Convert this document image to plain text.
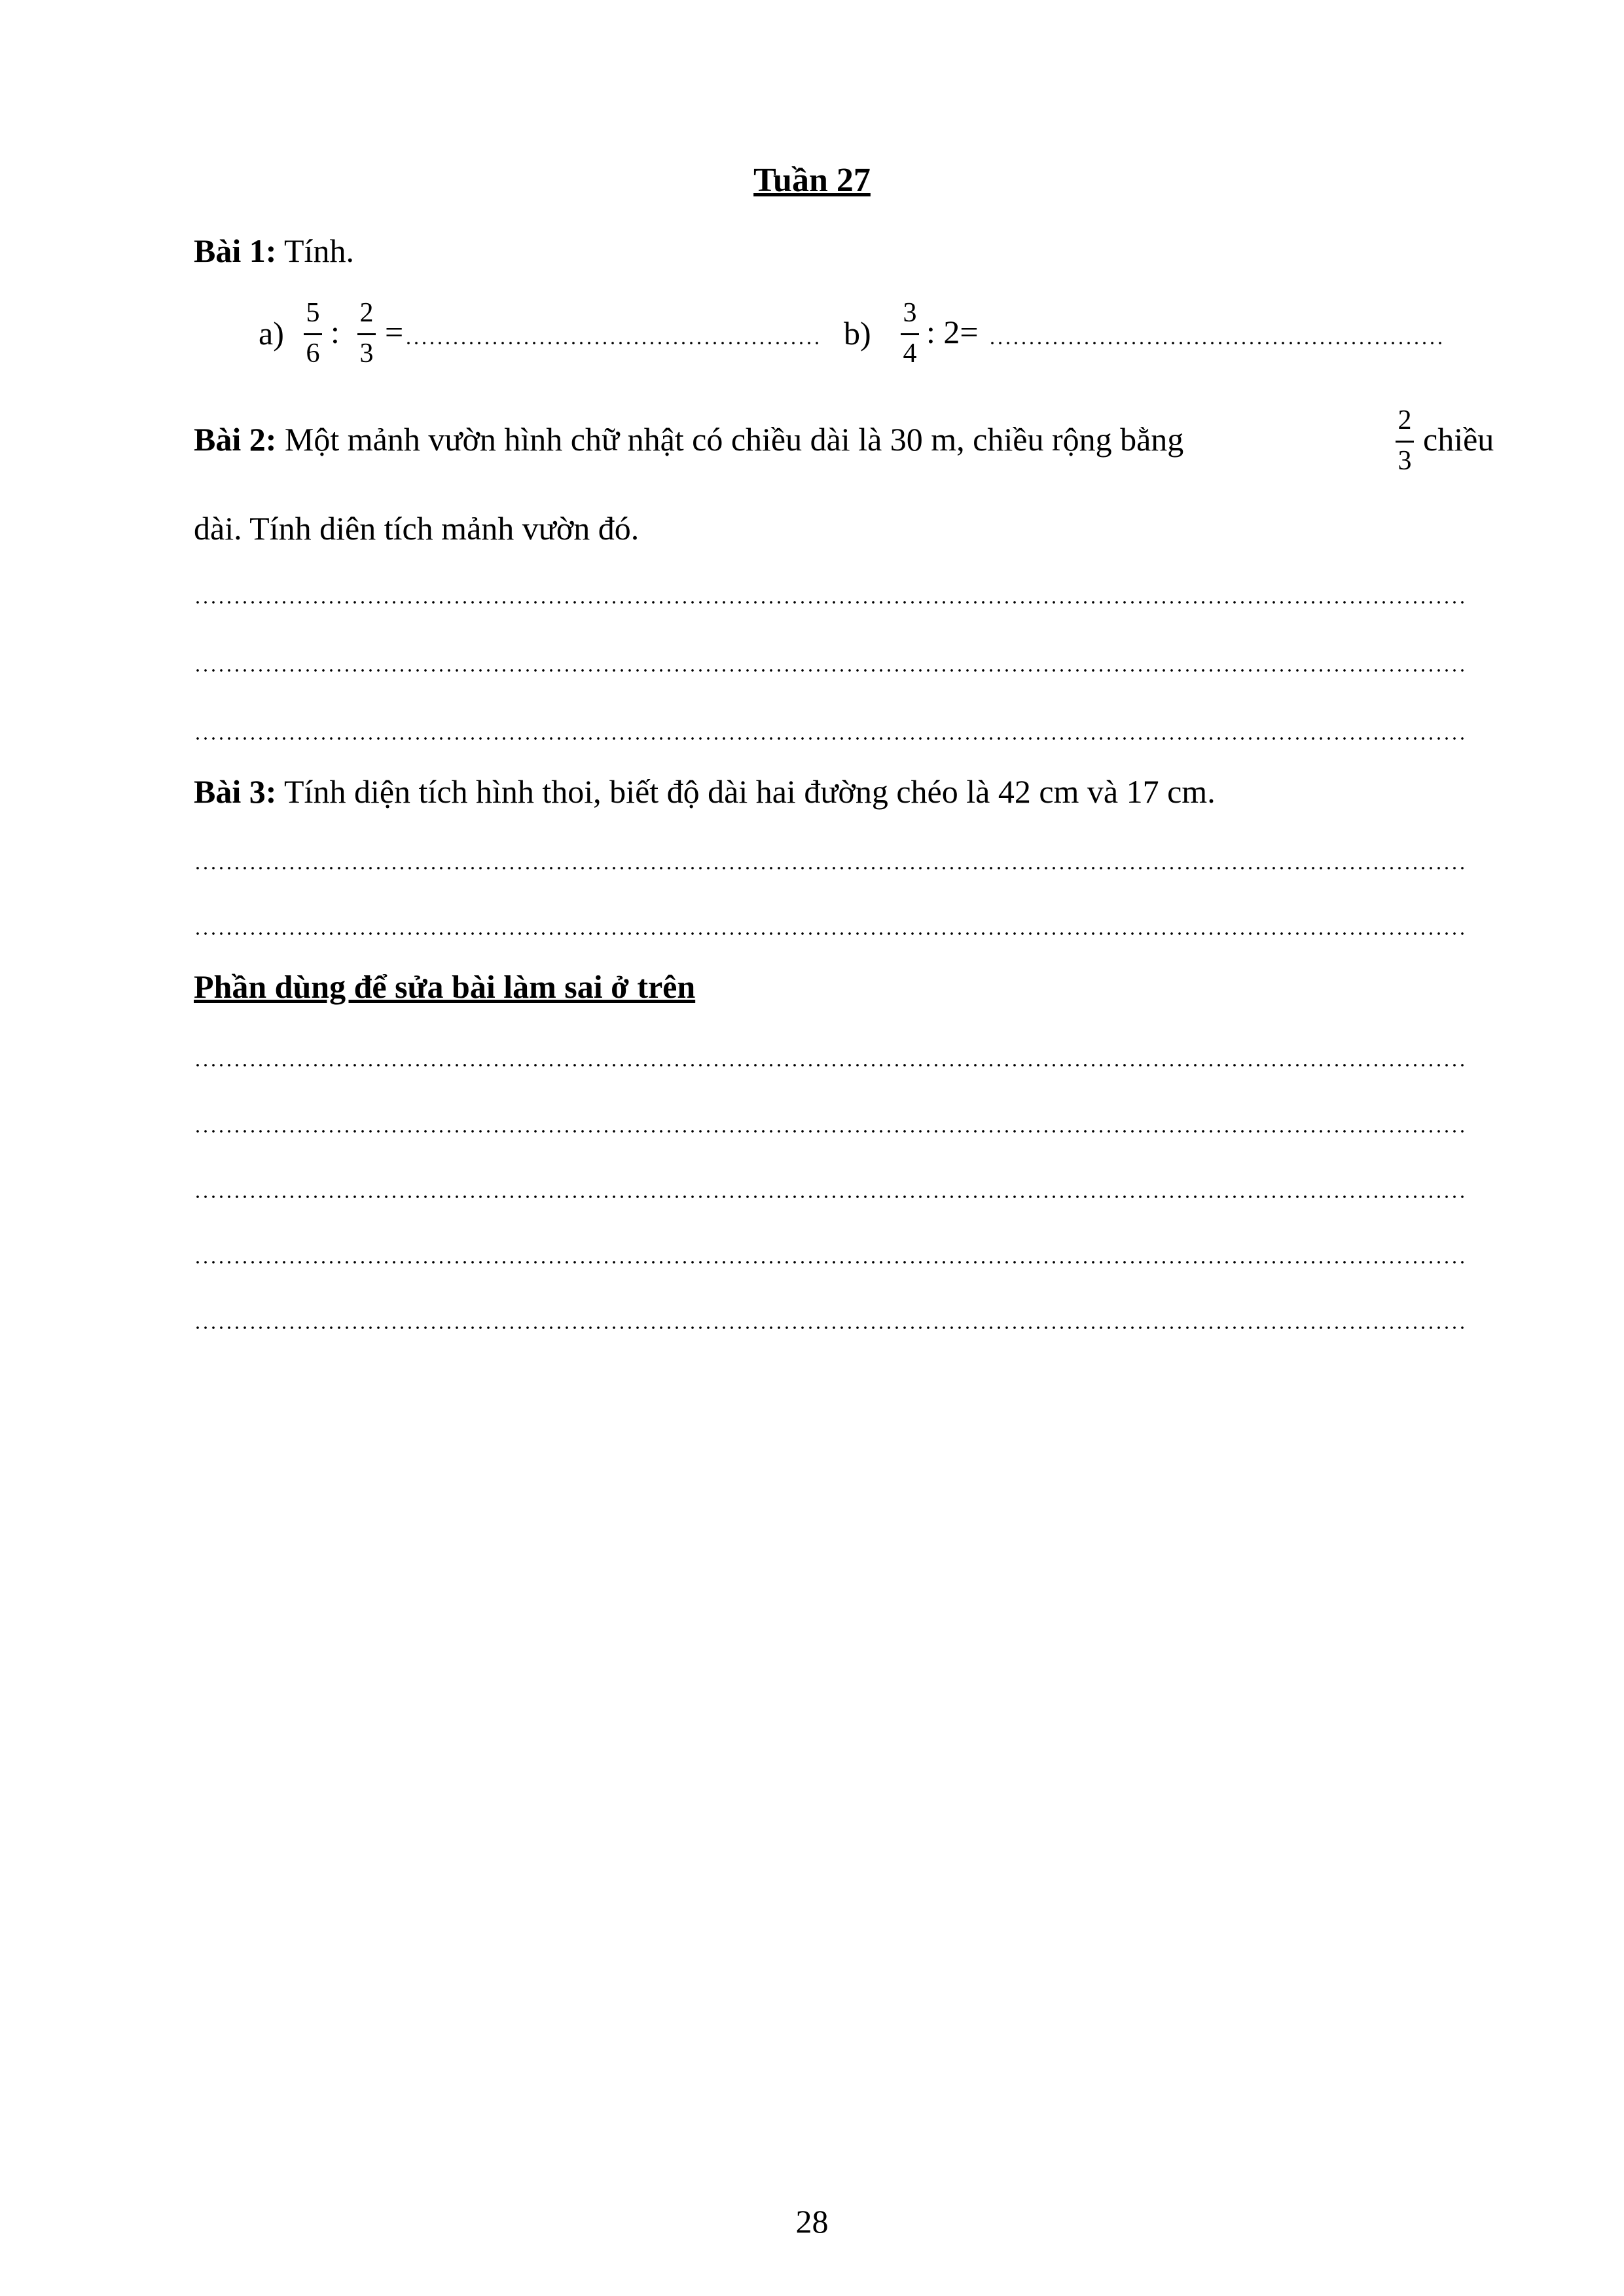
Tuần 27
Bài 1: Tính.
a)
5
6
:
2
3
=	b)
3
4
: 2=
Bài 2: Một mảnh vườn hình chữ nhật có chiều dài là 30 m, chiều rộng bằng
2
3
chiều
dài. Tính diên tích mảnh vườn đó.
Bài 3: Tính diện tích hình thoi, biết độ dài hai đường chéo là 42 cm và 17 cm.
Phần dùng để sửa bài làm sai ở trên
28
